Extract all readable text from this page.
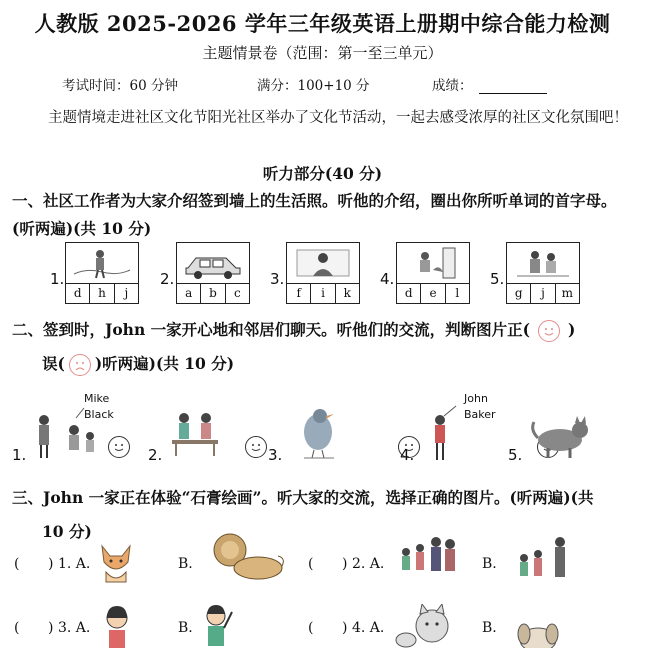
人教版 2025-2026 学年三年级英语上册期中综合能力检测
主题情景卷（范围：第一至三单元）
考试时间：60 分钟	满分：100+10 分	成绩：
主题情境走进社区文化节阳光社区举办了文化节活动，一起去感受浓厚的社区文化氛围吧！
听力部分(40 分)
一、社区工作者为大家介绍签到墙上的生活照。听他的介绍，圈出你所听单词的首字母。(听两遍)(共 10 分)
1.
d	h	j
2.
a	b	c
3.
f	i	k
4.
d	e	l
5.
g	j	m
二、签到时，John 一家开心地和邻居们聊天。听他们的交流，判断图片正( )
误( )听两遍)(共 10 分)
1.
Mike
Black

2.
	3.
	4.
John
Baker

5.
三、John 一家正在体验“石膏绘画”。听大家的交流，选择正确的图片。(听两遍)(共
10 分)
( ) 1. A.	B.	( ) 2. A.	B.
( ) 3. A.	B.	( ) 4. A.	B.
